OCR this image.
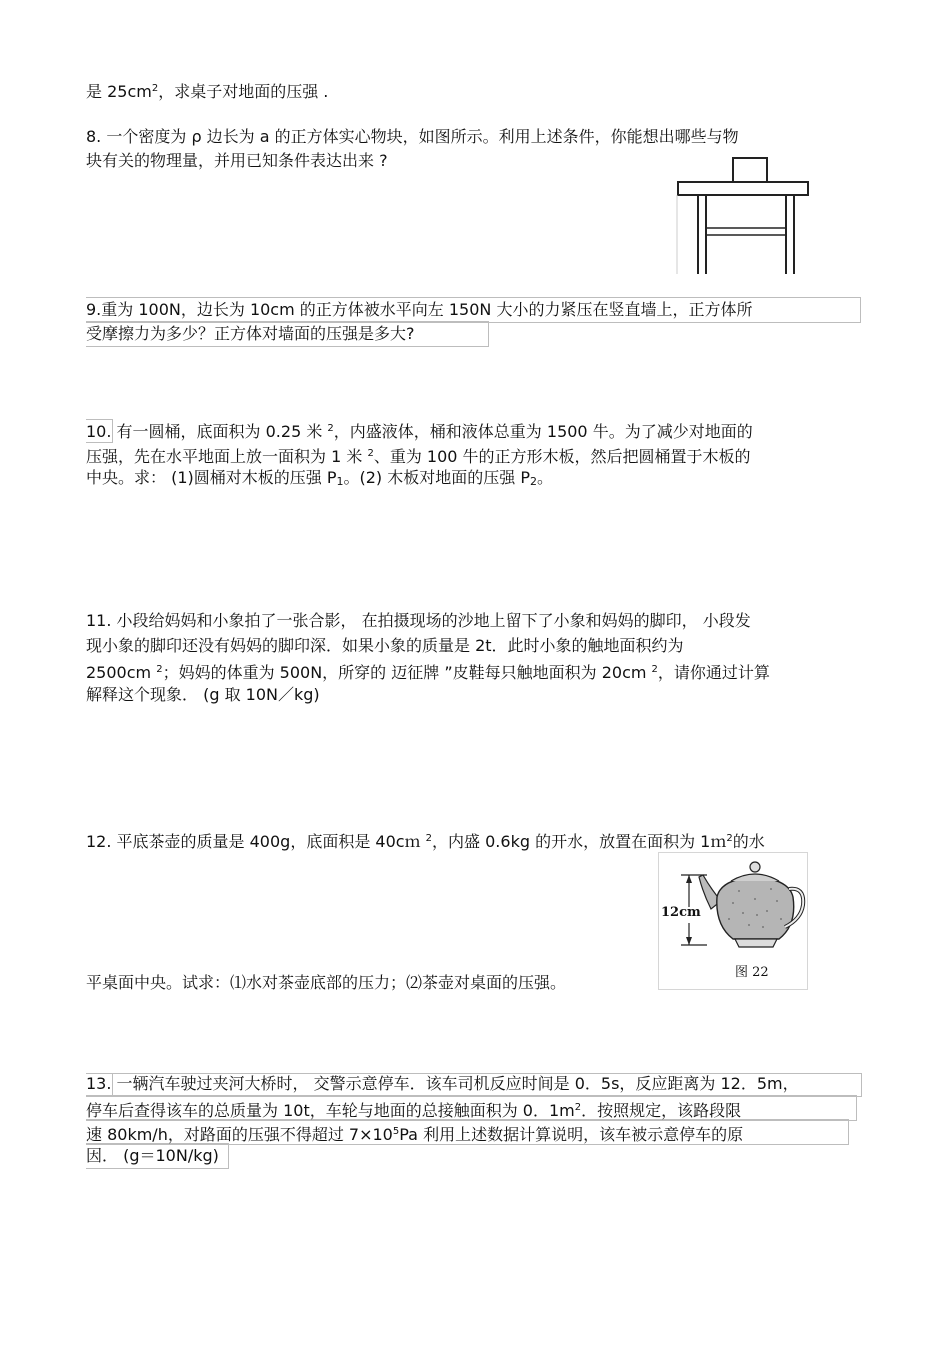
是 $25cm^2$，求桌子对地面的压强 .
8. 一个密度为 ρ 边长为 a 的正方体实心物块，如图所示。利用上述条件，你能想出哪些与物
块有关的物理量，并用已知条件表达出来 ?
9.重为 100N，边长为 10cm 的正方体被水平向左 150N 大小的力紧压在竖直墙上，正方体所
受摩擦力为多少？正方体对墙面的压强是多大?
10. 有一圆桶，底面积为 0.25 米 $^2$，内盛液体，桶和液体总重为 1500 牛。为了减少对地面的
压强，先在水平地面上放一面积为 1 米 $^2$、重为 100 牛的正方形木板，然后把圆桶置于木板的
中央。求： (1)圆桶对木板的压强 $P_1$。(2) 木板对地面的压强 $P_2$。
11. 小段给妈妈和小象拍了一张合影， 在拍摄现场的沙地上留下了小象和妈妈的脚印， 小段发
现小象的脚印还没有妈妈的脚印深．如果小象的质量是 2t．此时小象的触地面积约为
2500cm $^2$；妈妈的体重为 500N，所穿的 迈征牌 ”皮鞋每只触地面积为 20cm $^2$，请你通过计算
解释这个现象． (g 取 10N／kg)
12. 平底茶壶的质量是 400g，底面积是 40cｍ $^2$，内盛 0.6kg 的开水，放置在面积为 1ｍ$^2$的水
平桌面中央。试求：⑴水对茶壶底部的压力；⑵茶壶对桌面的压强。
12cm
图 22
13. 一辆汽车驶过夹河大桥时， 交警示意停车．该车司机反应时间是 0．5s，反应距离为 12．5m，
停车后查得该车的总质量为 10t，车轮与地面的总接触面积为 0．$1m^2$．按照规定，该路段限
速 80km/h，对路面的压强不得超过 $7\times 10^5Pa$ 利用上述数据计算说明，该车被示意停车的原
因． (g＝10N/kg)
